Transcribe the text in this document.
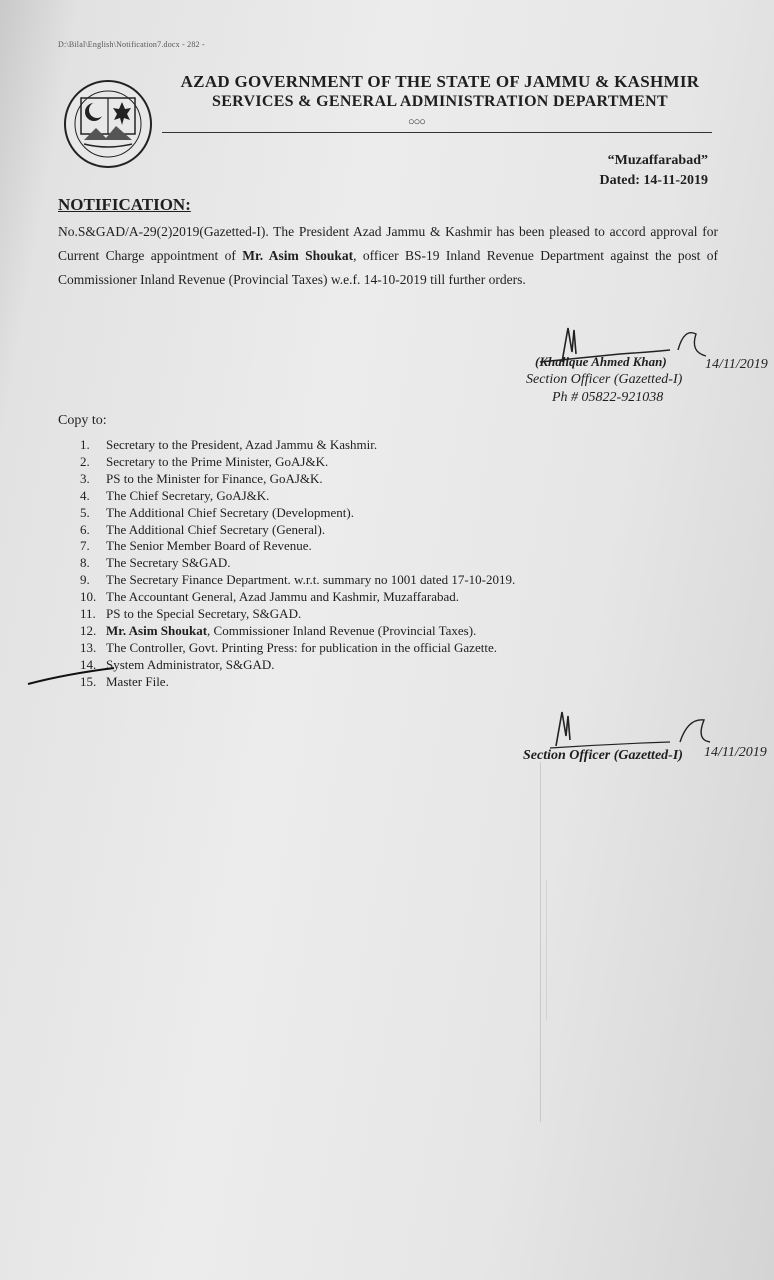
D:\Bilal\English\Notification7.docx - 282 -
AZAD GOVERNMENT OF THE STATE OF JAMMU & KASHMIR
SERVICES & GENERAL ADMINISTRATION DEPARTMENT
○○○
“Muzaffarabad”
Dated: 14-11-2019
NOTIFICATION:
No.S&GAD/A-29(2)2019(Gazetted-I). The President Azad Jammu & Kashmir has been pleased to accord approval for Current Charge appointment of Mr. Asim Shoukat, officer BS-19 Inland Revenue Department against the post of Commissioner Inland Revenue (Provincial Taxes) w.e.f. 14-10-2019 till further orders.
14/11/2019
(Khalique Ahmed Khan)
Section Officer (Gazetted-I)
Ph # 05822-921038
Copy to:
1. Secretary to the President, Azad Jammu & Kashmir.
2. Secretary to the Prime Minister, GoAJ&K.
3. PS to the Minister for Finance, GoAJ&K.
4. The Chief Secretary, GoAJ&K.
5. The Additional Chief Secretary (Development).
6. The Additional Chief Secretary (General).
7. The Senior Member Board of Revenue.
8. The Secretary S&GAD.
9. The Secretary Finance Department. w.r.t. summary no 1001 dated 17-10-2019.
10. The Accountant General, Azad Jammu and Kashmir, Muzaffarabad.
11. PS to the Special Secretary, S&GAD.
12. Mr. Asim Shoukat, Commissioner Inland Revenue (Provincial Taxes).
13. The Controller, Govt. Printing Press: for publication in the official Gazette.
14. System Administrator, S&GAD.
15. Master File.
14/11/2019
Section Officer (Gazetted-I)
